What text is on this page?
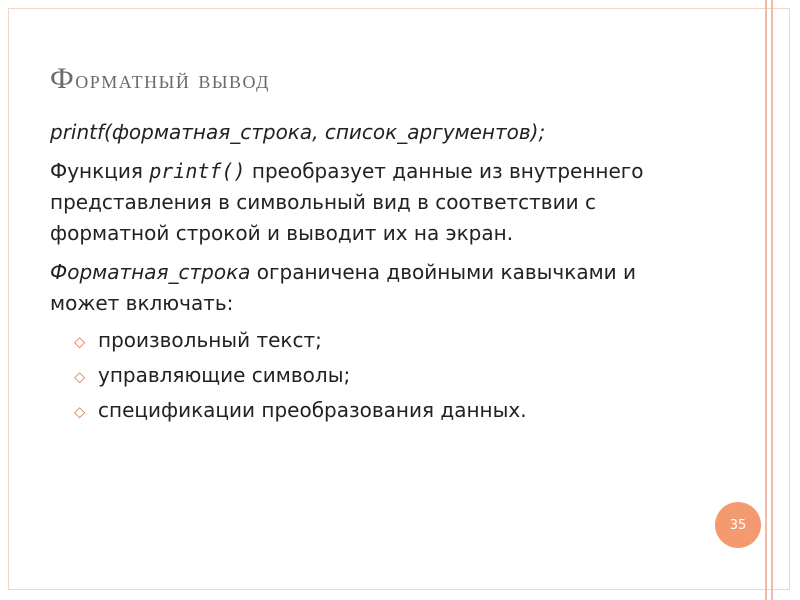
Форматный вывод

printf(форматная_строка, список_аргументов);

Функция printf() преобразует данные из внутреннего представления в символьный вид в соответствии с форматной строкой и выводит их на экран.

Форматная_строка ограничена двойными кавычками и может включать:

⬦ произвольный текст;
⬦ управляющие символы;
⬦ спецификации преобразования данных.
35
